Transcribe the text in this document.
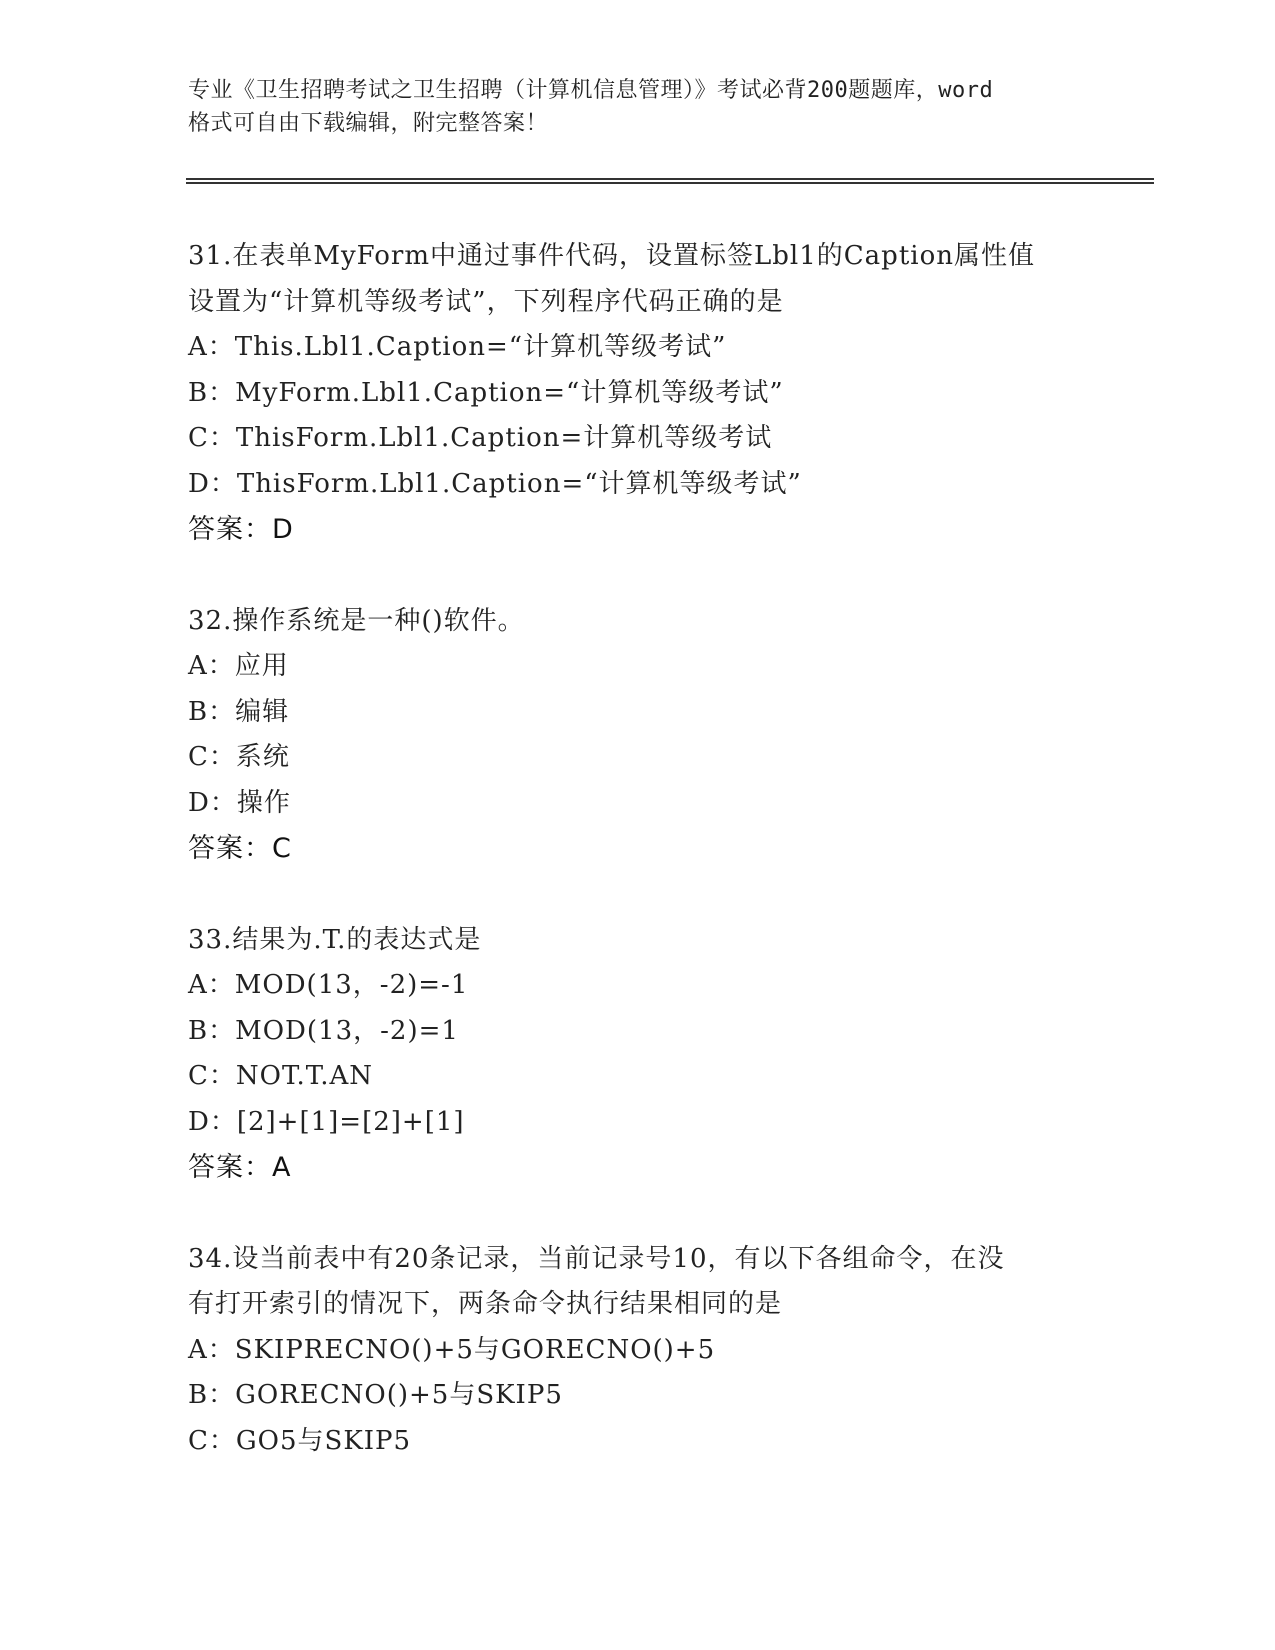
专业《卫生招聘考试之卫生招聘（计算机信息管理）》考试必背200题题库，word
格式可自由下载编辑，附完整答案！
31.在表单MyForm中通过事件代码，设置标签Lbl1的Caption属性值
设置为“计算机等级考试”，下列程序代码正确的是
A：This.Lbl1.Caption=“计算机等级考试”
B：MyForm.Lbl1.Caption=“计算机等级考试”
C：ThisForm.Lbl1.Caption=计算机等级考试
D：ThisForm.Lbl1.Caption=“计算机等级考试”
答案：D
32.操作系统是一种()软件。
A：应用
B：编辑
C：系统
D：操作
答案：C
33.结果为.T.的表达式是
A：MOD(13，-2)=-1
B：MOD(13，-2)=1
C：NOT.T.AN
D：[2]+[1]=[2]+[1]
答案：A
34.设当前表中有20条记录，当前记录号10，有以下各组命令，在没
有打开索引的情况下，两条命令执行结果相同的是
A：SKIPRECNO()+5与GORECNO()+5
B：GORECNO()+5与SKIP5
C：GO5与SKIP5
